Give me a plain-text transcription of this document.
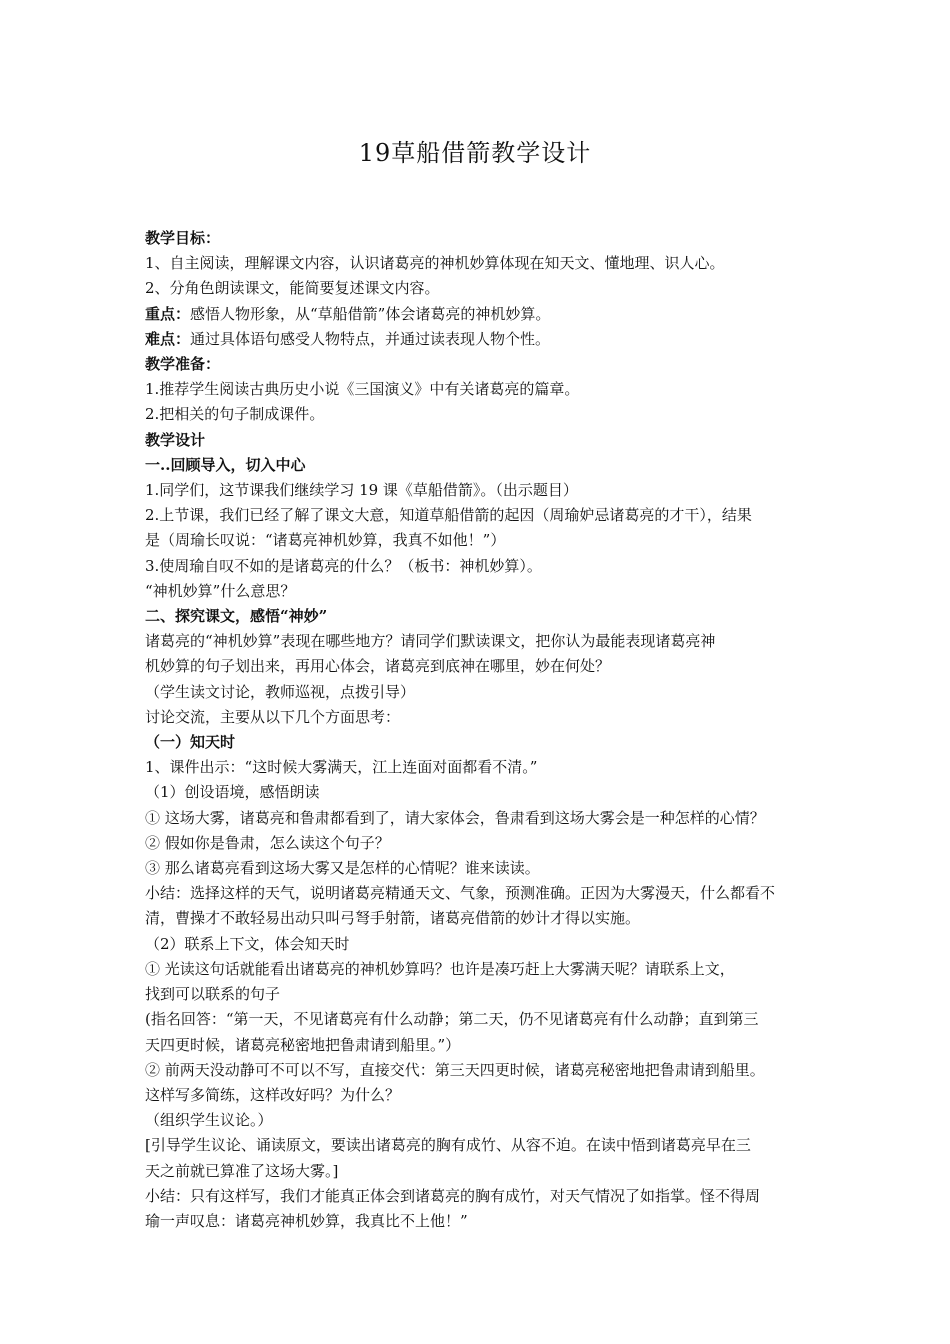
19草船借箭教学设计

教学目标：

1、自主阅读，理解课文内容，认识诸葛亮的神机妙算体现在知天文、懂地理、识人心。

2、分角色朗读课文，能简要复述课文内容。

重点：感悟人物形象，从“草船借箭”体会诸葛亮的神机妙算。

难点：通过具体语句感受人物特点，并通过读表现人物个性。

教学准备：

1.推荐学生阅读古典历史小说《三国演义》中有关诸葛亮的篇章。

2.把相关的句子制成课件。

教学设计

一..回顾导入，切入中心

1.同学们，这节课我们继续学习 19 课《草船借箭》。（出示题目）

2.上节课，我们已经了解了课文大意，知道草船借箭的起因（周瑜妒忌诸葛亮的才干），结果

是（周瑜长叹说：“诸葛亮神机妙算，我真不如他！”）

3.使周瑜自叹不如的是诸葛亮的什么？（板书：神机妙算）。

“神机妙算”什么意思？

二、探究课文，感悟“神妙”

诸葛亮的“神机妙算”表现在哪些地方？请同学们默读课文，把你认为最能表现诸葛亮神

机妙算的句子划出来，再用心体会，诸葛亮到底神在哪里，妙在何处？

（学生读文讨论，教师巡视，点拨引导）

讨论交流，主要从以下几个方面思考：

（一）知天时

1、课件出示：“这时候大雾满天，江上连面对面都看不清。”

（1）创设语境，感悟朗读

① 这场大雾，诸葛亮和鲁肃都看到了，请大家体会，鲁肃看到这场大雾会是一种怎样的心情？

② 假如你是鲁肃，怎么读这个句子？

③ 那么诸葛亮看到这场大雾又是怎样的心情呢？谁来读读。

小结：选择这样的天气，说明诸葛亮精通天文、气象，预测准确。正因为大雾漫天，什么都看不

清，曹操才不敢轻易出动只叫弓弩手射箭，诸葛亮借箭的妙计才得以实施。

（2）联系上下文，体会知天时

① 光读这句话就能看出诸葛亮的神机妙算吗？也许是凑巧赶上大雾满天呢？请联系上文，

找到可以联系的句子

(指名回答：“第一天，不见诸葛亮有什么动静；第二天，仍不见诸葛亮有什么动静；直到第三

天四更时候，诸葛亮秘密地把鲁肃请到船里。”）

② 前两天没动静可不可以不写，直接交代：第三天四更时候，诸葛亮秘密地把鲁肃请到船里。

这样写多简练，这样改好吗？为什么？

（组织学生议论。）

[引导学生议论、诵读原文，要读出诸葛亮的胸有成竹、从容不迫。在读中悟到诸葛亮早在三

天之前就已算准了这场大雾。]

小结：只有这样写，我们才能真正体会到诸葛亮的胸有成竹，对天气情况了如指掌。怪不得周

瑜一声叹息：诸葛亮神机妙算，我真比不上他！”
